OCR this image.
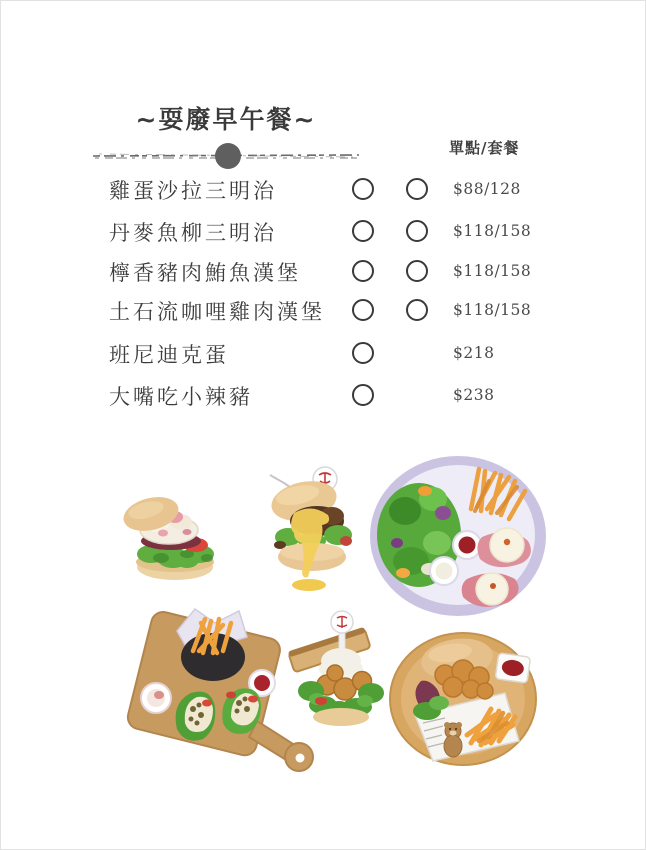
~耍廢早午餐~
單點/套餐
雞蛋沙拉三明治	$88/128
丹麥魚柳三明治	$118/158
檸香豬肉鮪魚漢堡	$118/158
土石流咖哩雞肉漢堡	$118/158
班尼迪克蛋	$218
大嘴吃小辣豬	$238
